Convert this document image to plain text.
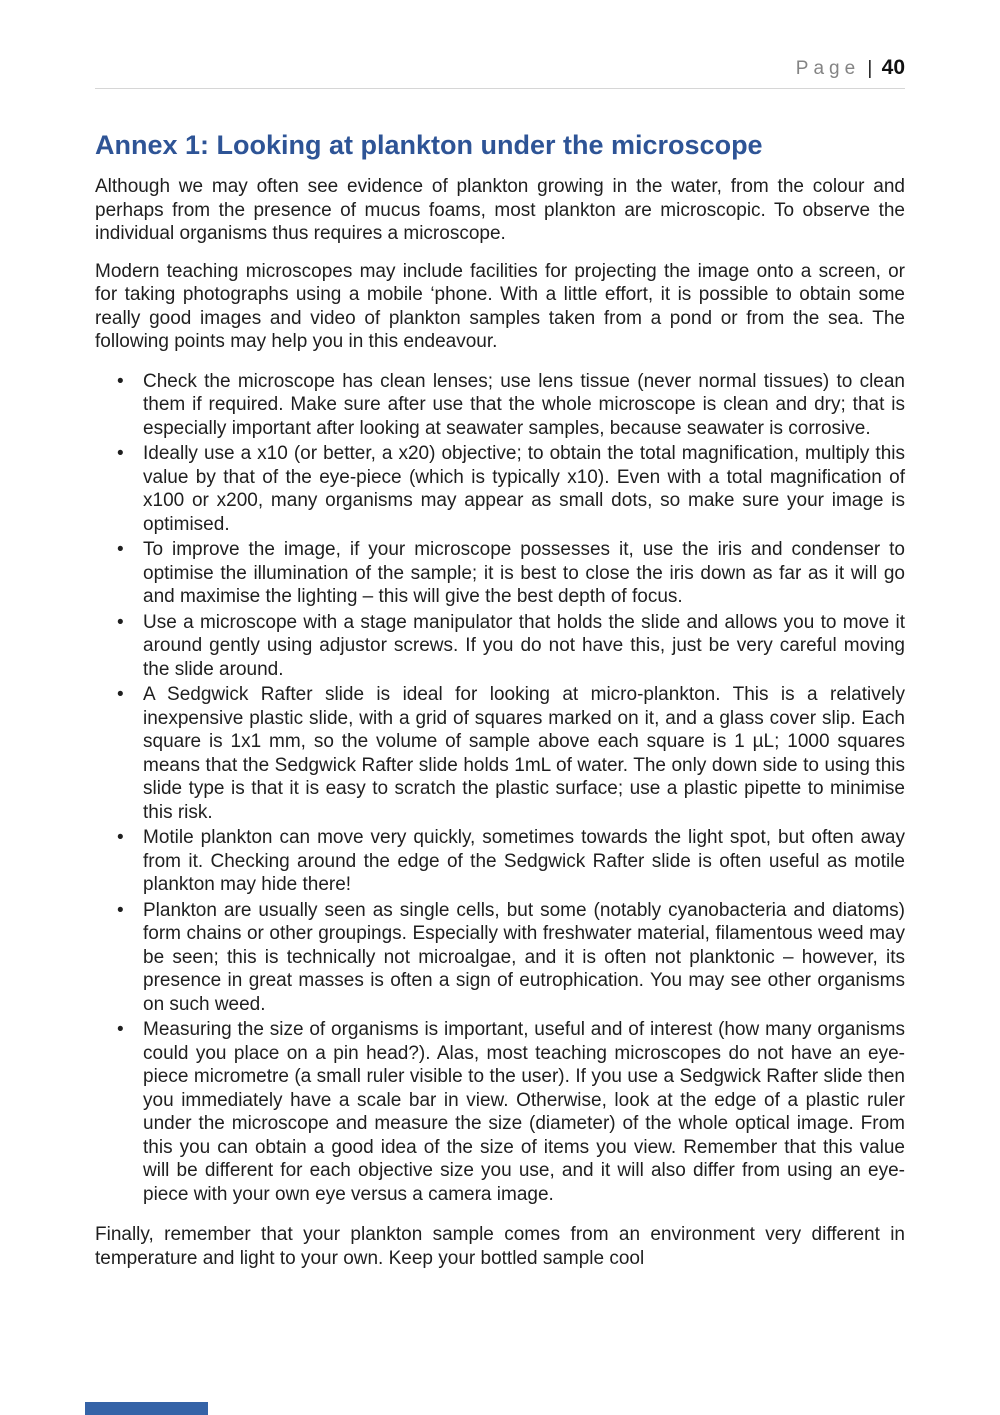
Page | 40
Annex 1: Looking at plankton under the microscope

Although we may often see evidence of plankton growing in the water, from the colour and perhaps from the presence of mucus foams, most plankton are microscopic. To observe the individual organisms thus requires a microscope.

Modern teaching microscopes may include facilities for projecting the image onto a screen, or for taking photographs using a mobile ‘phone. With a little effort, it is possible to obtain some really good images and video of plankton samples taken from a pond or from the sea. The following points may help you in this endeavour.

• Check the microscope has clean lenses; use lens tissue (never normal tissues) to clean them if required. Make sure after use that the whole microscope is clean and dry; that is especially important after looking at seawater samples, because seawater is corrosive.
• Ideally use a x10 (or better, a x20) objective; to obtain the total magnification, multiply this value by that of the eye-piece (which is typically x10). Even with a total magnification of x100 or x200, many organisms may appear as small dots, so make sure your image is optimised.
• To improve the image, if your microscope possesses it, use the iris and condenser to optimise the illumination of the sample; it is best to close the iris down as far as it will go and maximise the lighting – this will give the best depth of focus.
• Use a microscope with a stage manipulator that holds the slide and allows you to move it around gently using adjustor screws. If you do not have this, just be very careful moving the slide around.
• A Sedgwick Rafter slide is ideal for looking at micro-plankton. This is a relatively inexpensive plastic slide, with a grid of squares marked on it, and a glass cover slip. Each square is 1x1 mm, so the volume of sample above each square is 1 µL; 1000 squares means that the Sedgwick Rafter slide holds 1mL of water. The only down side to using this slide type is that it is easy to scratch the plastic surface; use a plastic pipette to minimise this risk.
• Motile plankton can move very quickly, sometimes towards the light spot, but often away from it. Checking around the edge of the Sedgwick Rafter slide is often useful as motile plankton may hide there!
• Plankton are usually seen as single cells, but some (notably cyanobacteria and diatoms) form chains or other groupings. Especially with freshwater material, filamentous weed may be seen; this is technically not microalgae, and it is often not planktonic – however, its presence in great masses is often a sign of eutrophication. You may see other organisms on such weed.
• Measuring the size of organisms is important, useful and of interest (how many organisms could you place on a pin head?). Alas, most teaching microscopes do not have an eye-piece micrometre (a small ruler visible to the user). If you use a Sedgwick Rafter slide then you immediately have a scale bar in view. Otherwise, look at the edge of a plastic ruler under the microscope and measure the size (diameter) of the whole optical image. From this you can obtain a good idea of the size of items you view. Remember that this value will be different for each objective size you use, and it will also differ from using an eye-piece with your own eye versus a camera image.

Finally, remember that your plankton sample comes from an environment very different in temperature and light to your own. Keep your bottled sample cool
